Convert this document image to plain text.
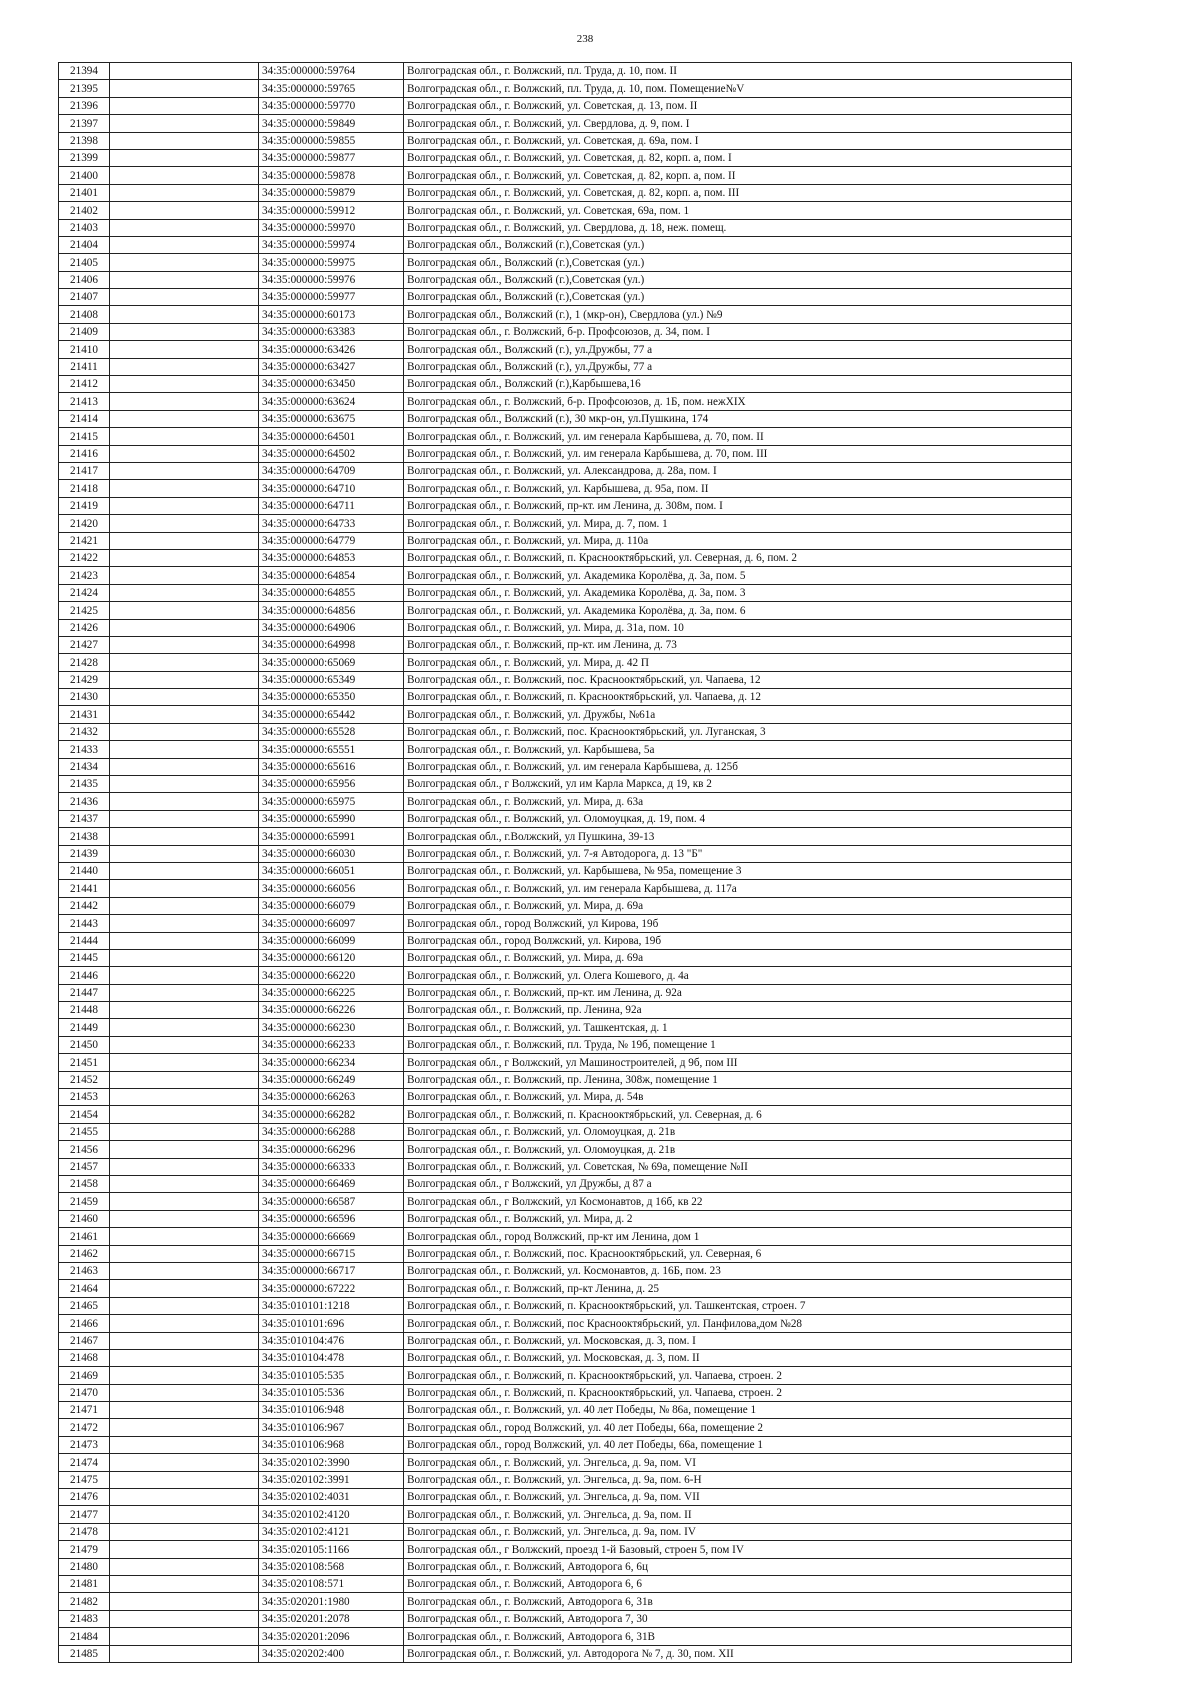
238
21394		34:35:000000:59764	Волгоградская обл., г. Волжский, пл. Труда, д. 10, пом. II
21395		34:35:000000:59765	Волгоградская обл., г. Волжский, пл. Труда, д. 10, пом. Помещение№V
21396		34:35:000000:59770	Волгоградская обл., г. Волжский, ул. Советская, д. 13, пом. II
21397		34:35:000000:59849	Волгоградская обл., г. Волжский, ул. Свердлова, д. 9, пом. I
21398		34:35:000000:59855	Волгоградская обл., г. Волжский, ул. Советская, д. 69а, пом. I
21399		34:35:000000:59877	Волгоградская обл., г. Волжский, ул. Советская, д. 82, корп. а, пом. I
21400		34:35:000000:59878	Волгоградская обл., г. Волжский, ул. Советская, д. 82, корп. а, пом. II
21401		34:35:000000:59879	Волгоградская обл., г. Волжский, ул. Советская, д. 82, корп. а, пом. III
21402		34:35:000000:59912	Волгоградская обл., г. Волжский, ул. Советская, 69а, пом. 1
21403		34:35:000000:59970	Волгоградская обл., г. Волжский, ул. Свердлова, д. 18, неж. помещ.
21404		34:35:000000:59974	Волгоградская обл., Волжский (г.),Советская (ул.)
21405		34:35:000000:59975	Волгоградская обл., Волжский (г.),Советская (ул.)
21406		34:35:000000:59976	Волгоградская обл., Волжский (г.),Советская (ул.)
21407		34:35:000000:59977	Волгоградская обл., Волжский (г.),Советская (ул.)
21408		34:35:000000:60173	Волгоградская обл., Волжский (г.), 1 (мкр-он), Свердлова (ул.) №9
21409		34:35:000000:63383	Волгоградская обл., г. Волжский, б-р. Профсоюзов, д. 34, пом. I
21410		34:35:000000:63426	Волгоградская обл., Волжский (г.), ул.Дружбы, 77 а
21411		34:35:000000:63427	Волгоградская обл., Волжский (г.), ул.Дружбы, 77 а
21412		34:35:000000:63450	Волгоградская обл., Волжский (г.),Карбышева,16
21413		34:35:000000:63624	Волгоградская обл., г. Волжский, б-р. Профсоюзов, д. 1Б, пом. нежXIX
21414		34:35:000000:63675	Волгоградская обл., Волжский (г.), 30 мкр-он, ул.Пушкина, 174
21415		34:35:000000:64501	Волгоградская обл., г. Волжский, ул. им генерала Карбышева, д. 70, пом. II
21416		34:35:000000:64502	Волгоградская обл., г. Волжский, ул. им генерала Карбышева, д. 70, пом. III
21417		34:35:000000:64709	Волгоградская обл., г. Волжский, ул. Александрова, д. 28а, пом. I
21418		34:35:000000:64710	Волгоградская обл., г. Волжский, ул. Карбышева, д. 95а, пом. II
21419		34:35:000000:64711	Волгоградская обл., г. Волжский, пр-кт. им Ленина, д. 308м, пом. I
21420		34:35:000000:64733	Волгоградская обл., г. Волжский, ул. Мира, д. 7, пом. 1
21421		34:35:000000:64779	Волгоградская обл., г. Волжский, ул. Мира, д. 110а
21422		34:35:000000:64853	Волгоградская обл., г. Волжский, п. Краснооктябрьский, ул. Северная, д. 6, пом. 2
21423		34:35:000000:64854	Волгоградская обл., г. Волжский, ул. Академика Королёва, д. 3а, пом. 5
21424		34:35:000000:64855	Волгоградская обл., г. Волжский, ул. Академика Королёва, д. 3а, пом. 3
21425		34:35:000000:64856	Волгоградская обл., г. Волжский, ул. Академика Королёва, д. 3а, пом. 6
21426		34:35:000000:64906	Волгоградская обл., г. Волжский, ул. Мира, д. 31а, пом. 10
21427		34:35:000000:64998	Волгоградская обл., г. Волжский, пр-кт. им Ленина, д. 73
21428		34:35:000000:65069	Волгоградская обл., г. Волжский, ул. Мира, д. 42 П
21429		34:35:000000:65349	Волгоградская обл., г. Волжский, пос. Краснооктябрьский, ул. Чапаева, 12
21430		34:35:000000:65350	Волгоградская обл., г. Волжский, п. Краснооктябрьский, ул. Чапаева, д. 12
21431		34:35:000000:65442	Волгоградская обл., г. Волжский, ул. Дружбы, №61а
21432		34:35:000000:65528	Волгоградская обл., г. Волжский, пос. Краснооктябрьский, ул. Луганская, 3
21433		34:35:000000:65551	Волгоградская обл., г. Волжский, ул. Карбышева, 5а
21434		34:35:000000:65616	Волгоградская обл., г. Волжский, ул. им генерала Карбышева, д. 125б
21435		34:35:000000:65956	Волгоградская обл., г Волжский, ул им Карла Маркса, д 19, кв 2
21436		34:35:000000:65975	Волгоградская обл., г. Волжский, ул. Мира, д. 63а
21437		34:35:000000:65990	Волгоградская обл., г. Волжский, ул. Оломоуцкая, д. 19, пом. 4
21438		34:35:000000:65991	Волгоградская обл., г.Волжский, ул Пушкина, 39-13
21439		34:35:000000:66030	Волгоградская обл., г. Волжский, ул. 7-я Автодорога, д. 13 "Б"
21440		34:35:000000:66051	Волгоградская обл., г. Волжский, ул. Карбышева, № 95а, помещение 3
21441		34:35:000000:66056	Волгоградская обл., г. Волжский, ул. им генерала Карбышева, д. 117а
21442		34:35:000000:66079	Волгоградская обл., г. Волжский, ул. Мира, д. 69а
21443		34:35:000000:66097	Волгоградская обл., город Волжский, ул Кирова, 19б
21444		34:35:000000:66099	Волгоградская обл., город Волжский, ул. Кирова, 19б
21445		34:35:000000:66120	Волгоградская обл., г. Волжский, ул. Мира, д. 69а
21446		34:35:000000:66220	Волгоградская обл., г. Волжский, ул. Олега Кошевого, д. 4а
21447		34:35:000000:66225	Волгоградская обл., г. Волжский, пр-кт. им Ленина, д. 92а
21448		34:35:000000:66226	Волгоградская обл., г. Волжский, пр. Ленина, 92а
21449		34:35:000000:66230	Волгоградская обл., г. Волжский, ул. Ташкентская, д. 1
21450		34:35:000000:66233	Волгоградская обл., г. Волжский, пл. Труда, № 19б, помещение 1
21451		34:35:000000:66234	Волгоградская обл., г Волжский, ул Машиностроителей, д 9б, пом III
21452		34:35:000000:66249	Волгоградская обл., г. Волжский, пр. Ленина, 308ж, помещение 1
21453		34:35:000000:66263	Волгоградская обл., г. Волжский, ул. Мира, д. 54в
21454		34:35:000000:66282	Волгоградская обл., г. Волжский, п. Краснооктябрьский, ул. Северная, д. 6
21455		34:35:000000:66288	Волгоградская обл., г. Волжский, ул. Оломоуцкая, д. 21в
21456		34:35:000000:66296	Волгоградская обл., г. Волжский, ул. Оломоуцкая, д. 21в
21457		34:35:000000:66333	Волгоградская обл., г. Волжский, ул. Советская, № 69а, помещение №II
21458		34:35:000000:66469	Волгоградская обл., г Волжский, ул Дружбы, д 87 а
21459		34:35:000000:66587	Волгоградская обл., г Волжский, ул Космонавтов, д 16б, кв 22
21460		34:35:000000:66596	Волгоградская обл., г. Волжский, ул. Мира, д. 2
21461		34:35:000000:66669	Волгоградская обл., город Волжский, пр-кт им Ленина, дом 1
21462		34:35:000000:66715	Волгоградская обл., г. Волжский, пос. Краснооктябрьский, ул. Северная, 6
21463		34:35:000000:66717	Волгоградская обл., г. Волжский, ул. Космонавтов, д. 16Б, пом. 23
21464		34:35:000000:67222	Волгоградская обл., г. Волжский, пр-кт Ленина, д. 25
21465		34:35:010101:1218	Волгоградская обл., г. Волжский, п. Краснооктябрьский, ул. Ташкентская, строен. 7
21466		34:35:010101:696	Волгоградская обл., г. Волжский, пос Краснооктябрьский, ул. Панфилова,дом №28
21467		34:35:010104:476	Волгоградская обл., г. Волжский, ул. Московская, д. 3, пом. I
21468		34:35:010104:478	Волгоградская обл., г. Волжский, ул. Московская, д. 3, пом. II
21469		34:35:010105:535	Волгоградская обл., г. Волжский, п. Краснооктябрьский, ул. Чапаева, строен. 2
21470		34:35:010105:536	Волгоградская обл., г. Волжский, п. Краснооктябрьский, ул. Чапаева, строен. 2
21471		34:35:010106:948	Волгоградская обл., г. Волжский, ул. 40 лет Победы, № 86а, помещение 1
21472		34:35:010106:967	Волгоградская обл., город Волжский, ул. 40 лет Победы, 66а, помещение 2
21473		34:35:010106:968	Волгоградская обл., город Волжский, ул. 40 лет Победы, 66а, помещение 1
21474		34:35:020102:3990	Волгоградская обл., г. Волжский, ул. Энгельса, д. 9а, пом. VI
21475		34:35:020102:3991	Волгоградская обл., г. Волжский, ул. Энгельса, д. 9а, пом. 6-Н
21476		34:35:020102:4031	Волгоградская обл., г. Волжский, ул. Энгельса, д. 9а, пом. VII
21477		34:35:020102:4120	Волгоградская обл., г. Волжский, ул. Энгельса, д. 9а, пом. II
21478		34:35:020102:4121	Волгоградская обл., г. Волжский, ул. Энгельса, д. 9а, пом. IV
21479		34:35:020105:1166	Волгоградская обл., г Волжский, проезд 1-й Базовый, строен 5, пом IV
21480		34:35:020108:568	Волгоградская обл., г. Волжский, Автодорога 6, 6ц
21481		34:35:020108:571	Волгоградская обл., г. Волжский, Автодорога 6, 6
21482		34:35:020201:1980	Волгоградская обл., г. Волжский, Автодорога 6, 31в
21483		34:35:020201:2078	Волгоградская обл., г. Волжский, Автодорога 7, 30
21484		34:35:020201:2096	Волгоградская обл., г. Волжский, Автодорога 6, 31В
21485		34:35:020202:400	Волгоградская обл., г. Волжский, ул. Автодорога № 7, д. 30, пом. XII
